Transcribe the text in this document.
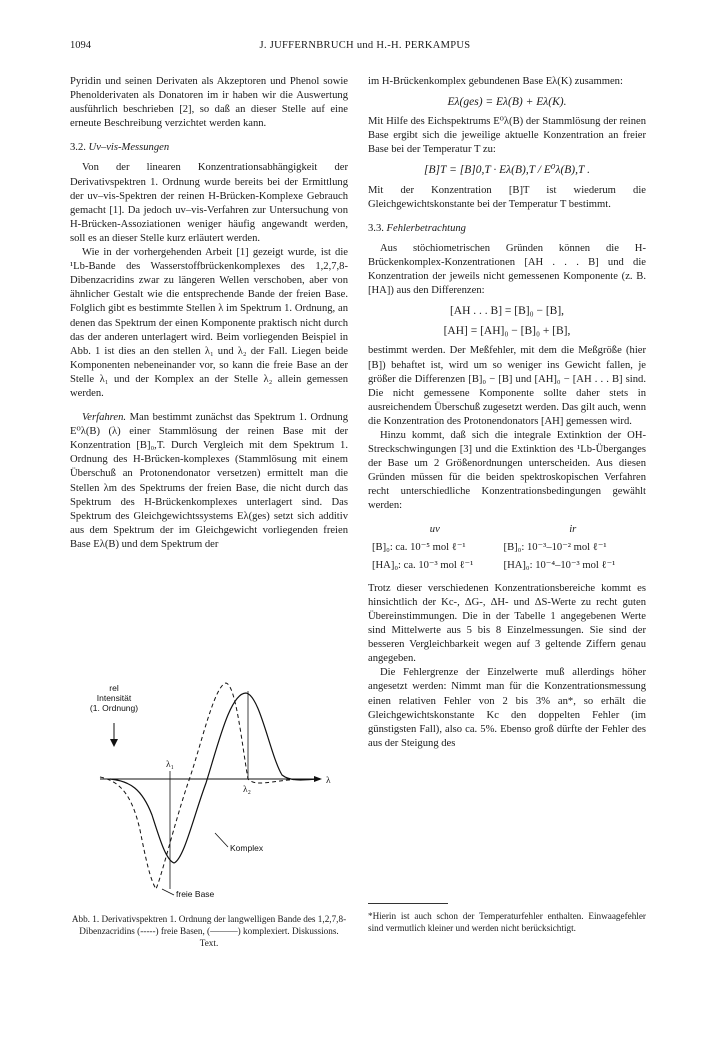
1094	J. JUFFERNBRUCH und H.-H. PERKAMPUS

Pyridin und seinen Derivaten als Akzeptoren und Phenol sowie Phenolderivaten als Donatoren im ir haben wir die Auswertung ausführlich beschrieben [2], so daß an dieser Stelle auf eine erneute Beschreibung verzichtet werden kann.

3.2. Uv–vis-Messungen

Von der linearen Konzentrationsabhängigkeit der Derivativspektren 1. Ordnung wurde bereits bei der Ermittlung der uv–vis-Spektren der reinen H-Brücken-Komplexe Gebrauch gemacht [1]. Da jedoch uv–vis-Verfahren zur Untersuchung von H-Brücken-Assoziationen weniger häufig angewandt werden, soll es an dieser Stelle kurz erläutert werden.

Wie in der vorhergehenden Arbeit [1] gezeigt wurde, ist die ¹Lb-Bande des Wasserstoffbrückenkomplexes des 1,2,7,8-Dibenzacridins zwar zu längeren Wellen verschoben, aber von ähnlicher Gestalt wie die entsprechende Bande der freien Base. Folglich gibt es bestimmte Stellen λ im Spektrum 1. Ordnung, an denen das Spektrum der einen Komponente praktisch nicht durch das der anderen unterlagert wird. Beim vorliegenden Beispiel in Abb. 1 ist dies an den stellen λ₁ und λ₂ der Fall. Liegen beide Komponenten nebeneinander vor, so kann die freie Base an der Stelle λ₁ und der Komplex an der Stelle λ₂ allein gemessen werden.

Verfahren. Man bestimmt zunächst das Spektrum 1. Ordnung E⁰λ(B) (λ) einer Stammlösung der reinen Base mit der Konzentration [B]₀,T. Durch Vergleich mit dem Spektrum 1. Ordnung des H-Brücken-komplexes (Stammlösung mit einem Überschuß an Protonendonator versetzen) ermittelt man die Stellen λm des Spektrums der freien Base, die nicht durch das Spektrum des H-Brückenkomplexes unterlagert sind. Das Spektrum des Gleichgewichtssystems Eλ(ges) setzt sich additiv aus dem Spektrum der im Gleichgewicht vorliegenden freien Base Eλ(B) und dem Spektrum der

rel
Intensität
(1. Ordnung)
λ₁
λ₂
λ
Komplex
freie Base
Abb. 1. Derivativspektren 1. Ordnung der langwelligen Bande des 1,2,7,8-Dibenzacridins (-----) freie Basen, (———) komplexiert. Diskussions. Text.

im H-Brückenkomplex gebundenen Base Eλ(K) zusammen:

Eλ(ges) = Eλ(B) + Eλ(K).

Mit Hilfe des Eichspektrums E⁰λ(B) der Stammlösung der reinen Base ergibt sich die jeweilige aktuelle Konzentration an freier Base bei der Temperatur T zu:

[B]T = [B]0,T · Eλ(B),T / E⁰λ(B),T .

Mit der Konzentration [B]T ist wiederum die Gleichgewichtskonstante bei der Temperatur T bestimmt.

3.3. Fehlerbetrachtung

Aus stöchiometrischen Gründen können die H-Brückenkomplex-Konzentrationen [AH . . . B] und die Konzentration der jeweils nicht gemessenen Komponente (z. B. [HA]) aus den Differenzen:

[AH . . . B] = [B]₀ − [B],
[AH] = [AH]₀ − [B]₀ + [B],

bestimmt werden. Der Meßfehler, mit dem die Meßgröße (hier [B]) behaftet ist, wird um so weniger ins Gewicht fallen, je größer die Differenzen [B]₀ − [B] und [AH]₀ − [AH . . . B] sind. Die nicht gemessene Komponente sollte daher stets in ausreichendem Überschuß zugesetzt werden. Das gilt auch, wenn die Konzentration des Protonendonators [AH] gemessen wird.

Hinzu kommt, daß sich die integrale Extinktion der OH-Streckschwingungen [3] und die Extinktion des ¹Lb-Überganges der Base um 2 Größenordnungen unterscheiden. Aus diesen Gründen müssen für die beiden spektroskopischen Verfahren recht unterschiedliche Konzentrationsbedingungen gewählt werden:

uv	ir
[B]₀: ca. 10⁻⁵ mol ℓ⁻¹	[B]₀: 10⁻³–10⁻² mol ℓ⁻¹
[HA]₀: ca. 10⁻³ mol ℓ⁻¹	[HA]₀: 10⁻⁴–10⁻³ mol ℓ⁻¹

Trotz dieser verschiedenen Konzentrationsbereiche kommt es hinsichtlich der Kc-, ΔG-, ΔH- und ΔS-Werte zu recht guten Übereinstimmungen. Die in der Tabelle 1 angegebenen Werte sind Mittelwerte aus 5 bis 8 Einzelmessungen. Sie sind der besseren Vergleichbarkeit wegen auf 3 geltende Ziffern genau angegeben.

Die Fehlergrenze der Einzelwerte muß allerdings höher angesetzt werden: Nimmt man für die Konzentrationsmessung einen relativen Fehler von 2 bis 3% an*, so erhält die Gleichgewichtskonstante Kc den doppelten Fehler (im günstigsten Fall), also ca. 5%. Ebenso groß dürfte der Fehler des aus der Steigung des

*Hierin ist auch schon der Temperaturfehler enthalten. Einwaagefehler sind vermutlich kleiner und werden nicht berücksichtigt.
